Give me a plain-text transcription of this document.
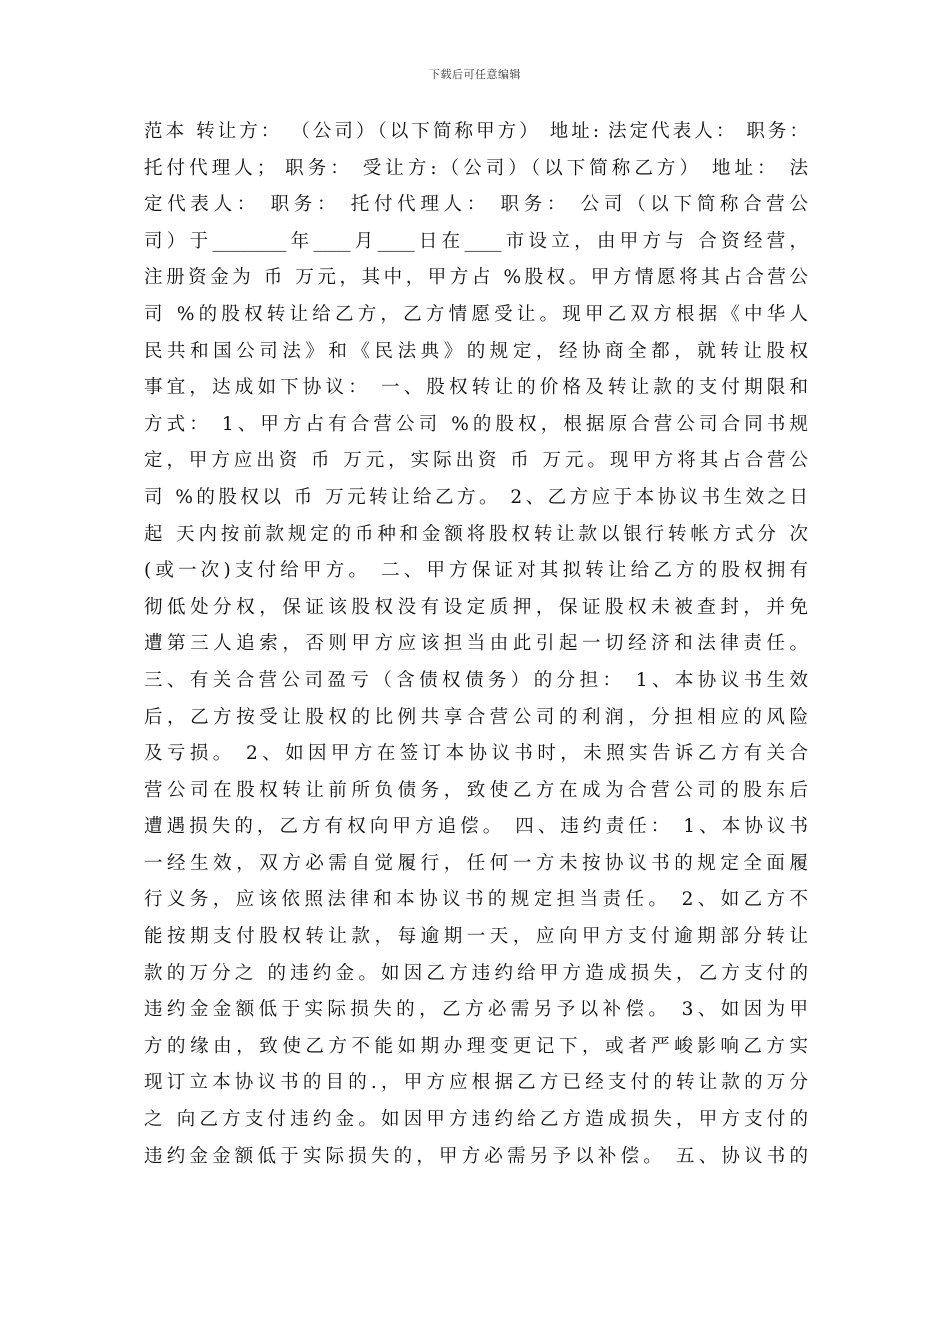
下载后可任意编辑
范本 转让方： （公司）（以下简称甲方） 地址: 法定代表人： 职务：
托付代理人； 职务： 受让方:（公司）（以下简称乙方） 地址： 法
定代表人： 职务： 托付代理人： 职务： 公司（以下简称合营公
司）于________年____月____日在____市设立，由甲方与 合资经营，
注册资金为 币 万元，其中，甲方占 %股权。甲方情愿将其占合营公
司 %的股权转让给乙方，乙方情愿受让。现甲乙双方根据《中华人
民共和国公司法》和《民法典》的规定，经协商全都，就转让股权
事宜，达成如下协议： 一、股权转让的价格及转让款的支付期限和
方式： 1、甲方占有合营公司 %的股权，根据原合营公司合同书规
定，甲方应出资 币 万元，实际出资 币 万元。现甲方将其占合营公
司 %的股权以 币 万元转让给乙方。 2、乙方应于本协议书生效之日
起 天内按前款规定的币种和金额将股权转让款以银行转帐方式分 次
(或一次)支付给甲方。 二、甲方保证对其拟转让给乙方的股权拥有
彻低处分权，保证该股权没有设定质押，保证股权未被查封，并免
遭第三人追索，否则甲方应该担当由此引起一切经济和法律责任。
三、有关合营公司盈亏（含债权债务）的分担： 1、本协议书生效
后，乙方按受让股权的比例共享合营公司的利润，分担相应的风险
及亏损。 2、如因甲方在签订本协议书时，未照实告诉乙方有关合
营公司在股权转让前所负债务，致使乙方在成为合营公司的股东后
遭遇损失的，乙方有权向甲方追偿。 四、违约责任： 1、本协议书
一经生效，双方必需自觉履行，任何一方未按协议书的规定全面履
行义务，应该依照法律和本协议书的规定担当责任。 2、如乙方不
能按期支付股权转让款，每逾期一天，应向甲方支付逾期部分转让
款的万分之 的违约金。如因乙方违约给甲方造成损失，乙方支付的
违约金金额低于实际损失的，乙方必需另予以补偿。 3、如因为甲
方的缘由，致使乙方不能如期办理变更记下，或者严峻影响乙方实
现订立本协议书的目的.，甲方应根据乙方已经支付的转让款的万分
之 向乙方支付违约金。如因甲方违约给乙方造成损失，甲方支付的
违约金金额低于实际损失的，甲方必需另予以补偿。 五、协议书的
